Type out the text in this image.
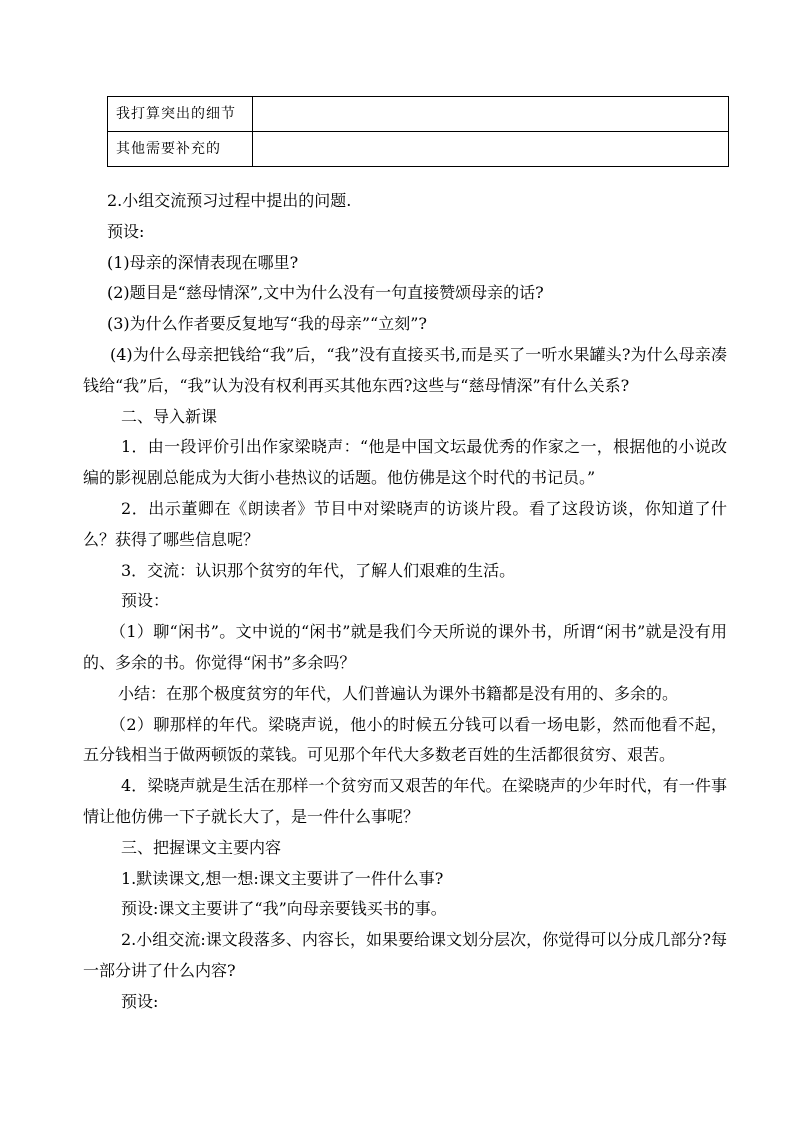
我打算突出的细节	
其他需要补充的	

2.小组交流预习过程中提出的问题.

预设:

(1)母亲的深情表现在哪里?

(2)题目是“慈母情深”,文中为什么没有一句直接赞颂母亲的话?

(3)为什么作者要反复地写“我的母亲”“立刻”?

(4)为什么母亲把钱给“我”后，“我”没有直接买书,而是买了一听水果罐头?为什么母亲凑钱给“我”后，“我”认为没有权利再买其他东西?这些与“慈母情深”有什么关系?

二、导入新课

1．由一段评价引出作家梁晓声：“他是中国文坛最优秀的作家之一，根据他的小说改编的影视剧总能成为大街小巷热议的话题。他仿佛是这个时代的书记员。”

2．出示董卿在《朗读者》节目中对梁晓声的访谈片段。看了这段访谈，你知道了什么？获得了哪些信息呢？

3．交流：认识那个贫穷的年代，了解人们艰难的生活。

预设：

（1）聊“闲书”。文中说的“闲书”就是我们今天所说的课外书，所谓“闲书”就是没有用的、多余的书。你觉得“闲书”多余吗？

小结：在那个极度贫穷的年代，人们普遍认为课外书籍都是没有用的、多余的。

（2）聊那样的年代。梁晓声说，他小的时候五分钱可以看一场电影，然而他看不起，五分钱相当于做两顿饭的菜钱。可见那个年代大多数老百姓的生活都很贫穷、艰苦。

4．梁晓声就是生活在那样一个贫穷而又艰苦的年代。在梁晓声的少年时代，有一件事情让他仿佛一下子就长大了，是一件什么事呢？

三、把握课文主要内容

1.默读课文,想一想:课文主要讲了一件什么事?

预设:课文主要讲了“我”向母亲要钱买书的事。

2.小组交流:课文段落多、内容长，如果要给课文划分层次，你觉得可以分成几部分?每一部分讲了什么内容?

预设:
